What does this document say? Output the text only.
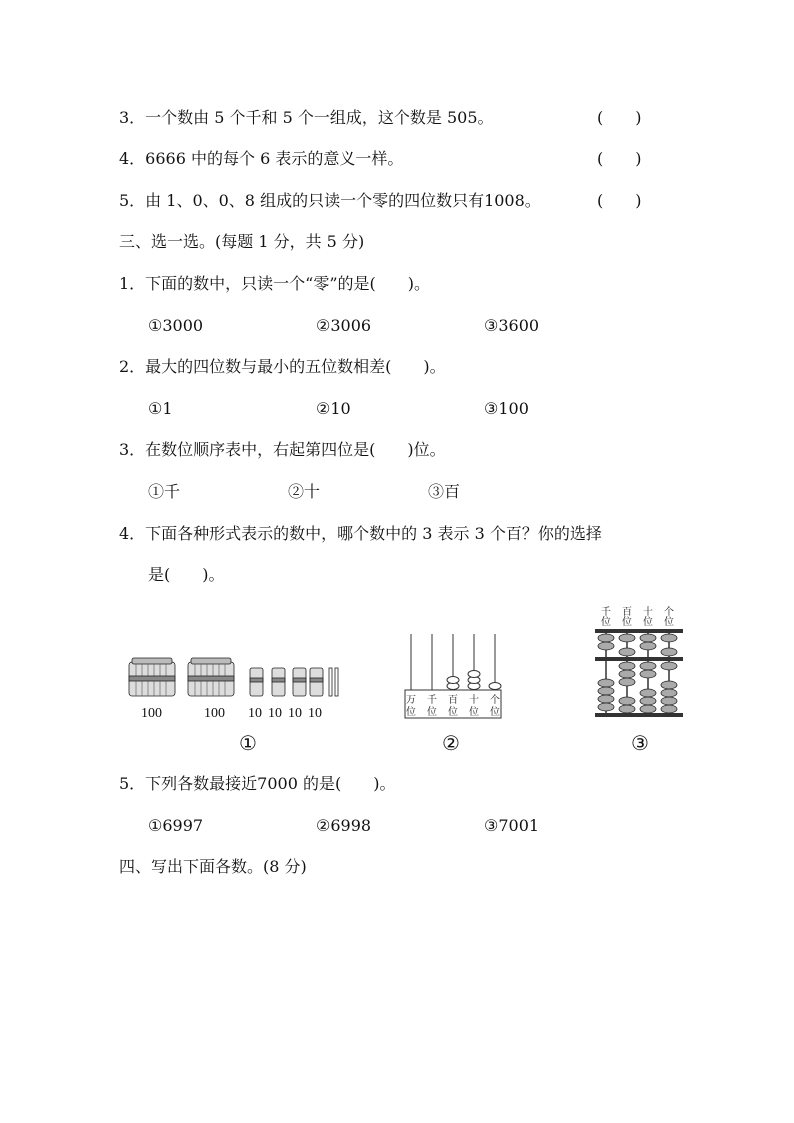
3．一个数由 5 个千和 5 个一组成，这个数是 505。	(　　)
4．6666 中的每个 6 表示的意义一样。	(　　)
5．由 1、0、0、8 组成的只读一个零的四位数只有1008。	(　　)
三、选一选。(每题 1 分，共 5 分)
1．下面的数中，只读一个“零”的是(　　)。
①3000	②3006	③3600
2．最大的四位数与最小的五位数相差(　　)。
①1	②10	③100
3．在数位顺序表中，右起第四位是(　　)位。
①千	②十	③百
4．下面各种形式表示的数中，哪个数中的 3 表示 3 个百？你的选择
是(　　)。
100	100 10 10 10 10
万
位
千
位
百
位
十
位
个
位
千
位
百
位
十
位
个
位
①	②	③
5．下列各数最接近7000 的是(　　)。
①6997	②6998	③7001
四、写出下面各数。(8 分)
